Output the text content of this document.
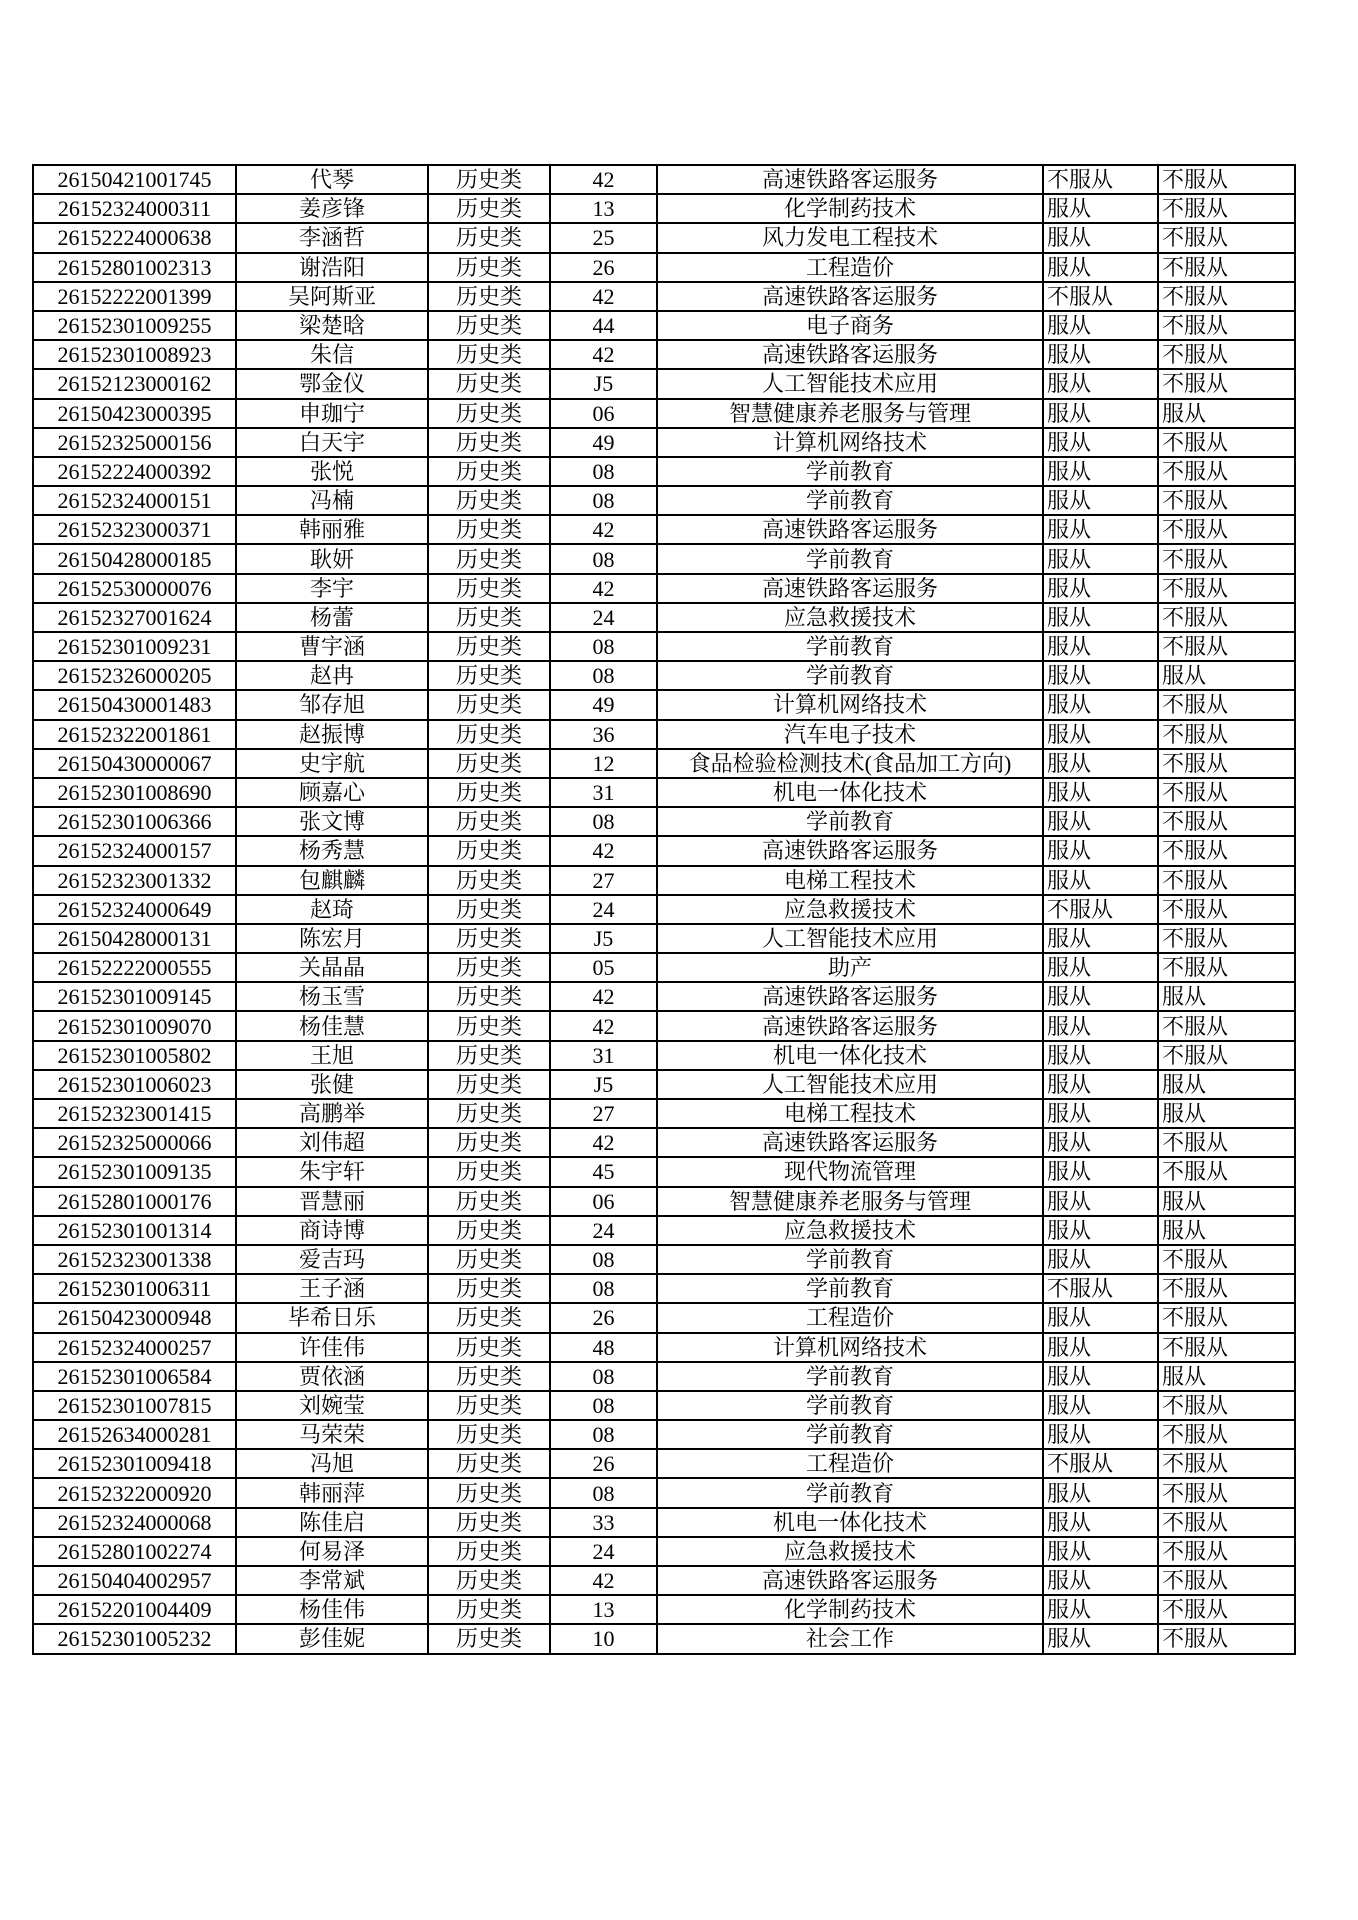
26150421001745	代琴	历史类	42	高速铁路客运服务	不服从	不服从
26152324000311	姜彦锋	历史类	13	化学制药技术	服从	不服从
26152224000638	李涵哲	历史类	25	风力发电工程技术	服从	不服从
26152801002313	谢浩阳	历史类	26	工程造价	服从	不服从
26152222001399	吴阿斯亚	历史类	42	高速铁路客运服务	不服从	不服从
26152301009255	梁楚晗	历史类	44	电子商务	服从	不服从
26152301008923	朱信	历史类	42	高速铁路客运服务	服从	不服从
26152123000162	鄂金仪	历史类	J5	人工智能技术应用	服从	不服从
26150423000395	申珈宁	历史类	06	智慧健康养老服务与管理	服从	服从
26152325000156	白天宇	历史类	49	计算机网络技术	服从	不服从
26152224000392	张悦	历史类	08	学前教育	服从	不服从
26152324000151	冯楠	历史类	08	学前教育	服从	不服从
26152323000371	韩丽雅	历史类	42	高速铁路客运服务	服从	不服从
26150428000185	耿妍	历史类	08	学前教育	服从	不服从
26152530000076	李宇	历史类	42	高速铁路客运服务	服从	不服从
26152327001624	杨蕾	历史类	24	应急救援技术	服从	不服从
26152301009231	曹宇涵	历史类	08	学前教育	服从	不服从
26152326000205	赵冉	历史类	08	学前教育	服从	服从
26150430001483	邹存旭	历史类	49	计算机网络技术	服从	不服从
26152322001861	赵振博	历史类	36	汽车电子技术	服从	不服从
26150430000067	史宇航	历史类	12	食品检验检测技术(食品加工方向)	服从	不服从
26152301008690	顾嘉心	历史类	31	机电一体化技术	服从	不服从
26152301006366	张文博	历史类	08	学前教育	服从	不服从
26152324000157	杨秀慧	历史类	42	高速铁路客运服务	服从	不服从
26152323001332	包麒麟	历史类	27	电梯工程技术	服从	不服从
26152324000649	赵琦	历史类	24	应急救援技术	不服从	不服从
26150428000131	陈宏月	历史类	J5	人工智能技术应用	服从	不服从
26152222000555	关晶晶	历史类	05	助产	服从	不服从
26152301009145	杨玉雪	历史类	42	高速铁路客运服务	服从	服从
26152301009070	杨佳慧	历史类	42	高速铁路客运服务	服从	不服从
26152301005802	王旭	历史类	31	机电一体化技术	服从	不服从
26152301006023	张健	历史类	J5	人工智能技术应用	服从	服从
26152323001415	高鹏举	历史类	27	电梯工程技术	服从	服从
26152325000066	刘伟超	历史类	42	高速铁路客运服务	服从	不服从
26152301009135	朱宇轩	历史类	45	现代物流管理	服从	不服从
26152801000176	晋慧丽	历史类	06	智慧健康养老服务与管理	服从	服从
26152301001314	商诗博	历史类	24	应急救援技术	服从	服从
26152323001338	爱吉玛	历史类	08	学前教育	服从	不服从
26152301006311	王子涵	历史类	08	学前教育	不服从	不服从
26150423000948	毕希日乐	历史类	26	工程造价	服从	不服从
26152324000257	许佳伟	历史类	48	计算机网络技术	服从	不服从
26152301006584	贾依涵	历史类	08	学前教育	服从	服从
26152301007815	刘婉莹	历史类	08	学前教育	服从	不服从
26152634000281	马荣荣	历史类	08	学前教育	服从	不服从
26152301009418	冯旭	历史类	26	工程造价	不服从	不服从
26152322000920	韩丽萍	历史类	08	学前教育	服从	不服从
26152324000068	陈佳启	历史类	33	机电一体化技术	服从	不服从
26152801002274	何易泽	历史类	24	应急救援技术	服从	不服从
26150404002957	李常斌	历史类	42	高速铁路客运服务	服从	不服从
26152201004409	杨佳伟	历史类	13	化学制药技术	服从	不服从
26152301005232	彭佳妮	历史类	10	社会工作	服从	不服从
